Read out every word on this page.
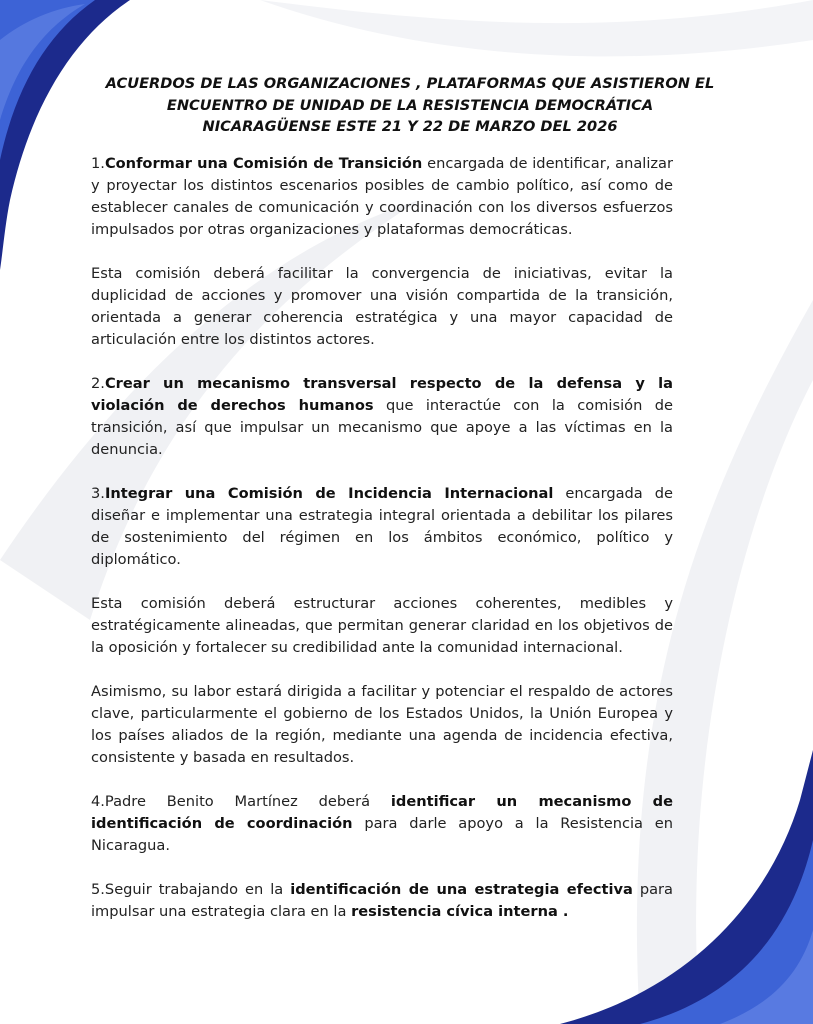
ACUERDOS DE LAS ORGANIZACIONES , PLATAFORMAS QUE ASISTIERON EL
ENCUENTRO DE UNIDAD DE LA RESISTENCIA DEMOCRÁTICA
NICARAGÜENSE ESTE 21 Y 22 DE MARZO DEL 2026

1.Conformar una Comisión de Transición encargada de identificar, analizar y proyectar los distintos escenarios posibles de cambio político, así como de establecer canales de comunicación y coordinación con los diversos esfuerzos impulsados por otras organizaciones y plataformas democráticas.

Esta comisión deberá facilitar la convergencia de iniciativas, evitar la duplicidad de acciones y promover una visión compartida de la transición, orientada a generar coherencia estratégica y una mayor capacidad de articulación entre los distintos actores.

2.Crear un mecanismo transversal respecto de la defensa y la violación de derechos humanos que interactúe con la comisión de transición, así que impulsar un mecanismo que apoye a las víctimas en la denuncia.

3.Integrar una Comisión de Incidencia Internacional encargada de diseñar e implementar una estrategia integral orientada a debilitar los pilares de sostenimiento del régimen en los ámbitos económico, político y diplomático.

Esta comisión deberá estructurar acciones coherentes, medibles y estratégicamente alineadas, que permitan generar claridad en los objetivos de la oposición y fortalecer su credibilidad ante la comunidad internacional.

Asimismo, su labor estará dirigida a facilitar y potenciar el respaldo de actores clave, particularmente el gobierno de los Estados Unidos, la Unión Europea y los países aliados de la región, mediante una agenda de incidencia efectiva, consistente y basada en resultados.

4.Padre Benito Martínez deberá identificar un mecanismo de identificación de coordinación para darle apoyo a la Resistencia en Nicaragua.

5.Seguir trabajando en la identificación de una estrategia efectiva para impulsar una estrategia clara en la resistencia cívica interna .
